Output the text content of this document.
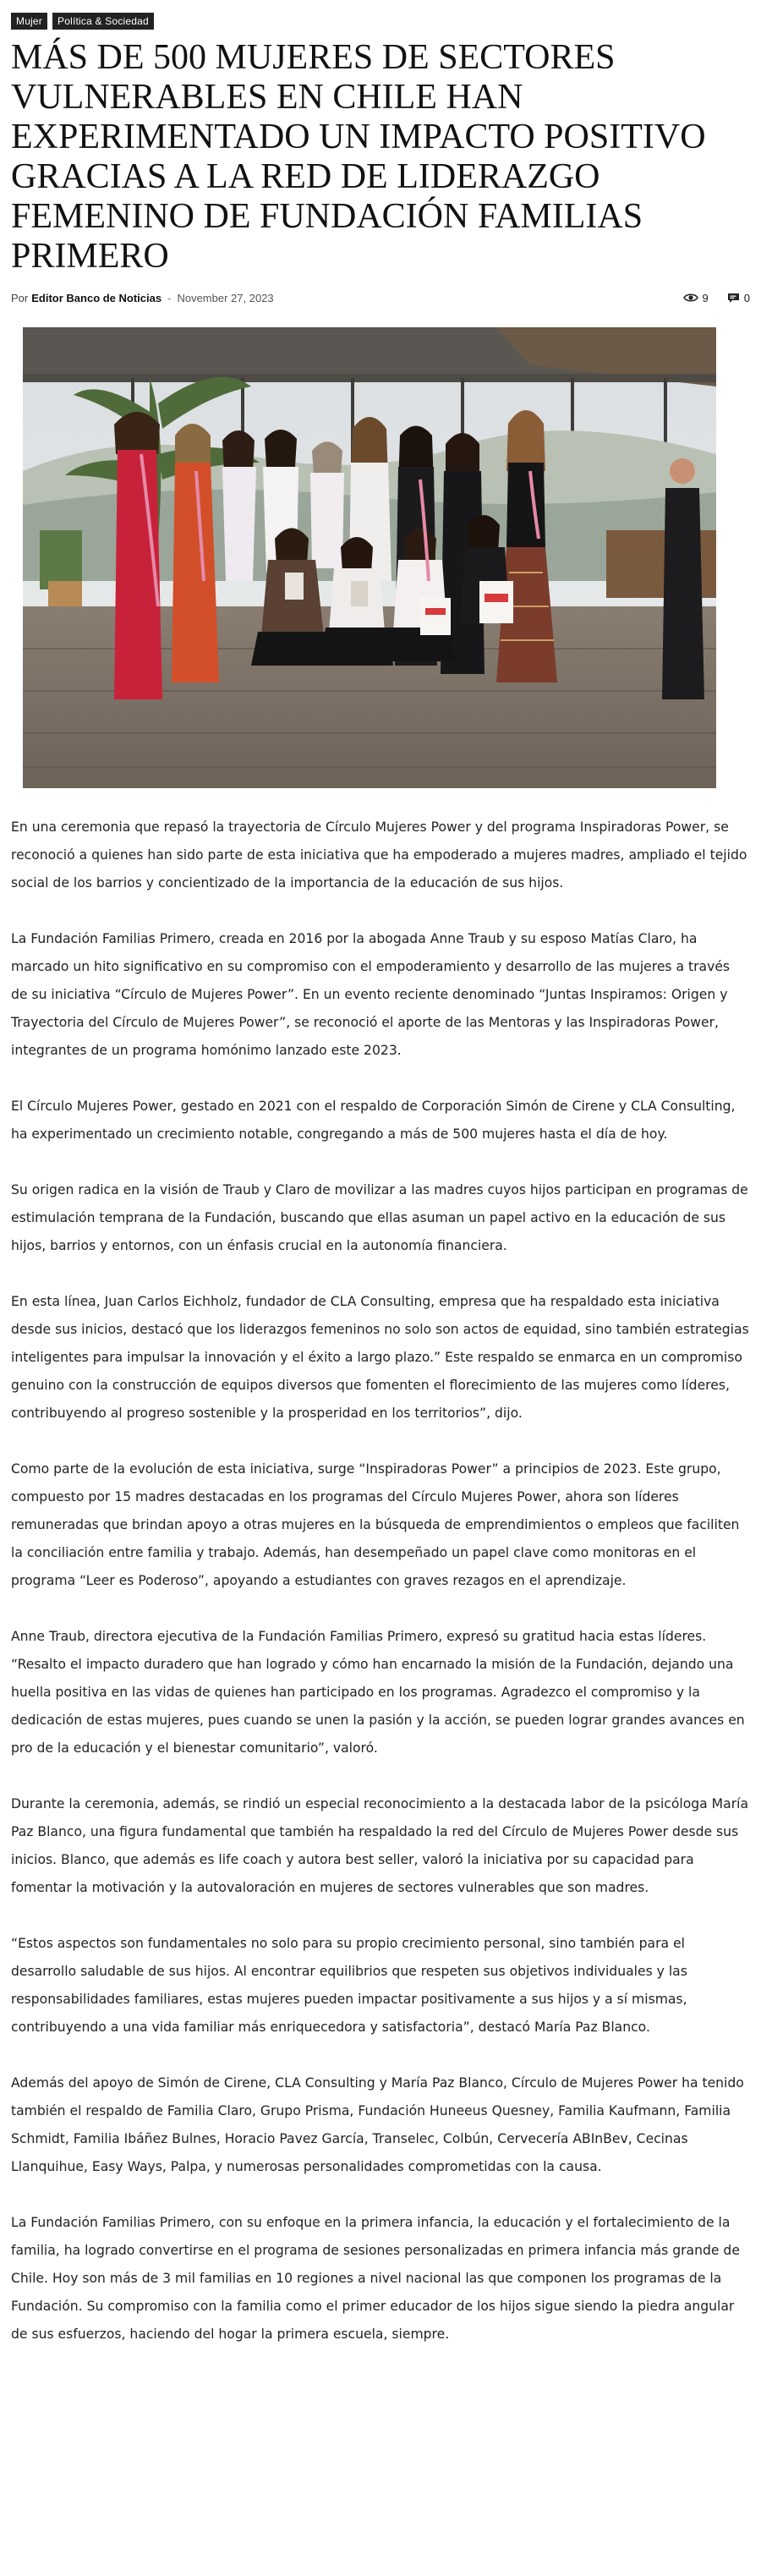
Mujer	Política & Sociedad
MÁS DE 500 MUJERES DE SECTORES VULNERABLES EN CHILE HAN EXPERIMENTADO UN IMPACTO POSITIVO GRACIAS A LA RED DE LIDERAZGO FEMENINO DE FUNDACIÓN FAMILIAS PRIMERO
Por Editor Banco de Noticias - November 27, 2023	9	0

En una ceremonia que repasó la trayectoria de Círculo Mujeres Power y del programa Inspiradoras Power, se reconoció a quienes han sido parte de esta iniciativa que ha empoderado a mujeres madres, ampliado el tejido social de los barrios y concientizado de la importancia de la educación de sus hijos.

La Fundación Familias Primero, creada en 2016 por la abogada Anne Traub y su esposo Matías Claro, ha marcado un hito significativo en su compromiso con el empoderamiento y desarrollo de las mujeres a través de su iniciativa “Círculo de Mujeres Power”. En un evento reciente denominado “Juntas Inspiramos: Origen y Trayectoria del Círculo de Mujeres Power”, se reconoció el aporte de las Mentoras y las Inspiradoras Power, integrantes de un programa homónimo lanzado este 2023.

El Círculo Mujeres Power, gestado en 2021 con el respaldo de Corporación Simón de Cirene y CLA Consulting, ha experimentado un crecimiento notable, congregando a más de 500 mujeres hasta el día de hoy.

Su origen radica en la visión de Traub y Claro de movilizar a las madres cuyos hijos participan en programas de estimulación temprana de la Fundación, buscando que ellas asuman un papel activo en la educación de sus hijos, barrios y entornos, con un énfasis crucial en la autonomía financiera.

En esta línea, Juan Carlos Eichholz, fundador de CLA Consulting, empresa que ha respaldado esta iniciativa desde sus inicios, destacó que los liderazgos femeninos no solo son actos de equidad, sino también estrategias inteligentes para impulsar la innovación y el éxito a largo plazo.” Este respaldo se enmarca en un compromiso genuino con la construcción de equipos diversos que fomenten el florecimiento de las mujeres como líderes, contribuyendo al progreso sostenible y la prosperidad en los territorios”, dijo.

Como parte de la evolución de esta iniciativa, surge “Inspiradoras Power” a principios de 2023. Este grupo, compuesto por 15 madres destacadas en los programas del Círculo Mujeres Power, ahora son líderes remuneradas que brindan apoyo a otras mujeres en la búsqueda de emprendimientos o empleos que faciliten la conciliación entre familia y trabajo. Además, han desempeñado un papel clave como monitoras en el programa “Leer es Poderoso”, apoyando a estudiantes con graves rezagos en el aprendizaje.

Anne Traub, directora ejecutiva de la Fundación Familias Primero, expresó su gratitud hacia estas líderes. “Resalto el impacto duradero que han logrado y cómo han encarnado la misión de la Fundación, dejando una huella positiva en las vidas de quienes han participado en los programas. Agradezco el compromiso y la dedicación de estas mujeres, pues cuando se unen la pasión y la acción, se pueden lograr grandes avances en pro de la educación y el bienestar comunitario”, valoró.

Durante la ceremonia, además, se rindió un especial reconocimiento a la destacada labor de la psicóloga María Paz Blanco, una figura fundamental que también ha respaldado la red del Círculo de Mujeres Power desde sus inicios. Blanco, que además es life coach y autora best seller, valoró la iniciativa por su capacidad para fomentar la motivación y la autovaloración en mujeres de sectores vulnerables que son madres.

“Estos aspectos son fundamentales no solo para su propio crecimiento personal, sino también para el desarrollo saludable de sus hijos. Al encontrar equilibrios que respeten sus objetivos individuales y las responsabilidades familiares, estas mujeres pueden impactar positivamente a sus hijos y a sí mismas, contribuyendo a una vida familiar más enriquecedora y satisfactoria”, destacó María Paz Blanco.

Además del apoyo de Simón de Cirene, CLA Consulting y María Paz Blanco, Círculo de Mujeres Power ha tenido también el respaldo de Familia Claro, Grupo Prisma, Fundación Huneeus Quesney, Familia Kaufmann, Familia Schmidt, Familia Ibáñez Bulnes, Horacio Pavez García, Transelec, Colbún, Cervecería ABInBev, Cecinas Llanquihue, Easy Ways, Palpa, y numerosas personalidades comprometidas con la causa.

La Fundación Familias Primero, con su enfoque en la primera infancia, la educación y el fortalecimiento de la familia, ha logrado convertirse en el programa de sesiones personalizadas en primera infancia más grande de Chile. Hoy son más de 3 mil familias en 10 regiones a nivel nacional las que componen los programas de la Fundación. Su compromiso con la familia como el primer educador de los hijos sigue siendo la piedra angular de sus esfuerzos, haciendo del hogar la primera escuela, siempre.
